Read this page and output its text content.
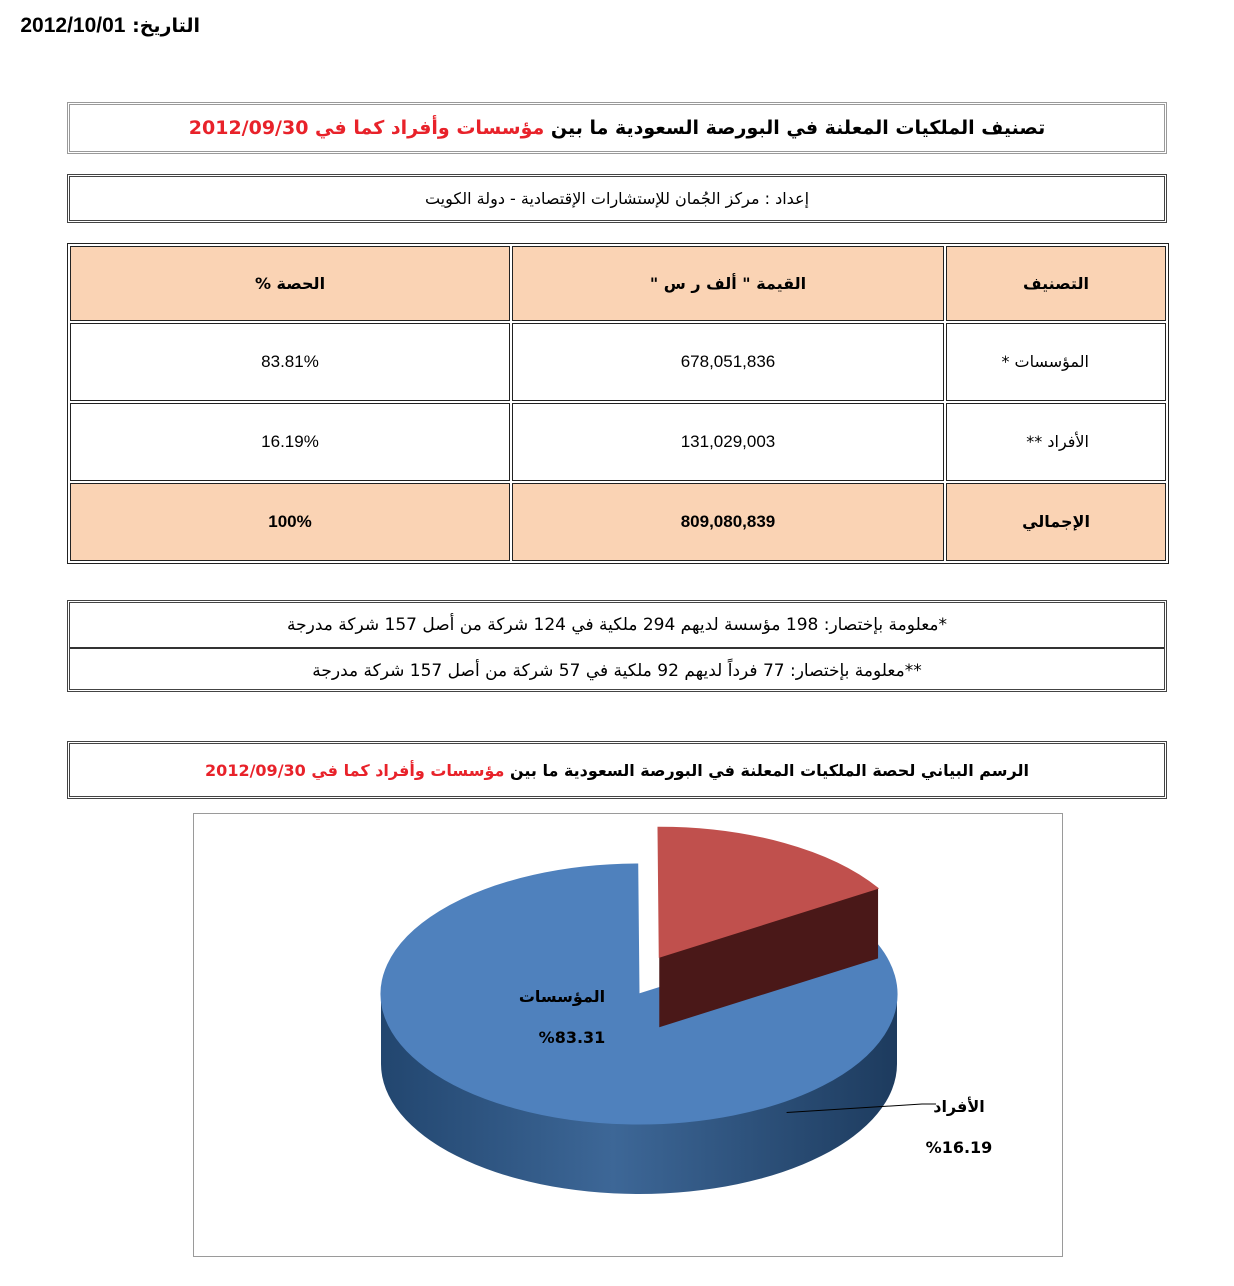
التاريخ: 2012/10/01
تصنيف الملكيات المعلنة في البورصة السعودية ما بين

مؤسسات وأفراد كما في 2012/09/30
إعداد : مركز الجُمان للإستشارات الإقتصادية - دولة الكويت
التصنيف	القيمة " ألف ر س "	الحصة %
المؤسسات *	678,051,836	83.81%
الأفراد **	131,029,003	16.19%
الإجمالي	809,080,839	100%
*معلومة بإختصار: 198 مؤسسة لديهم 294 ملكية في 124 شركة من أصل 157 شركة مدرجة
**معلومة بإختصار: 77 فرداً لديهم 92 ملكية في 57 شركة من أصل 157 شركة مدرجة
الرسم البياني لحصة الملكيات المعلنة في البورصة السعودية ما بين

مؤسسات وأفراد كما في 2012/09/30
المؤسسات
%83.31
الأفراد
%16.19
